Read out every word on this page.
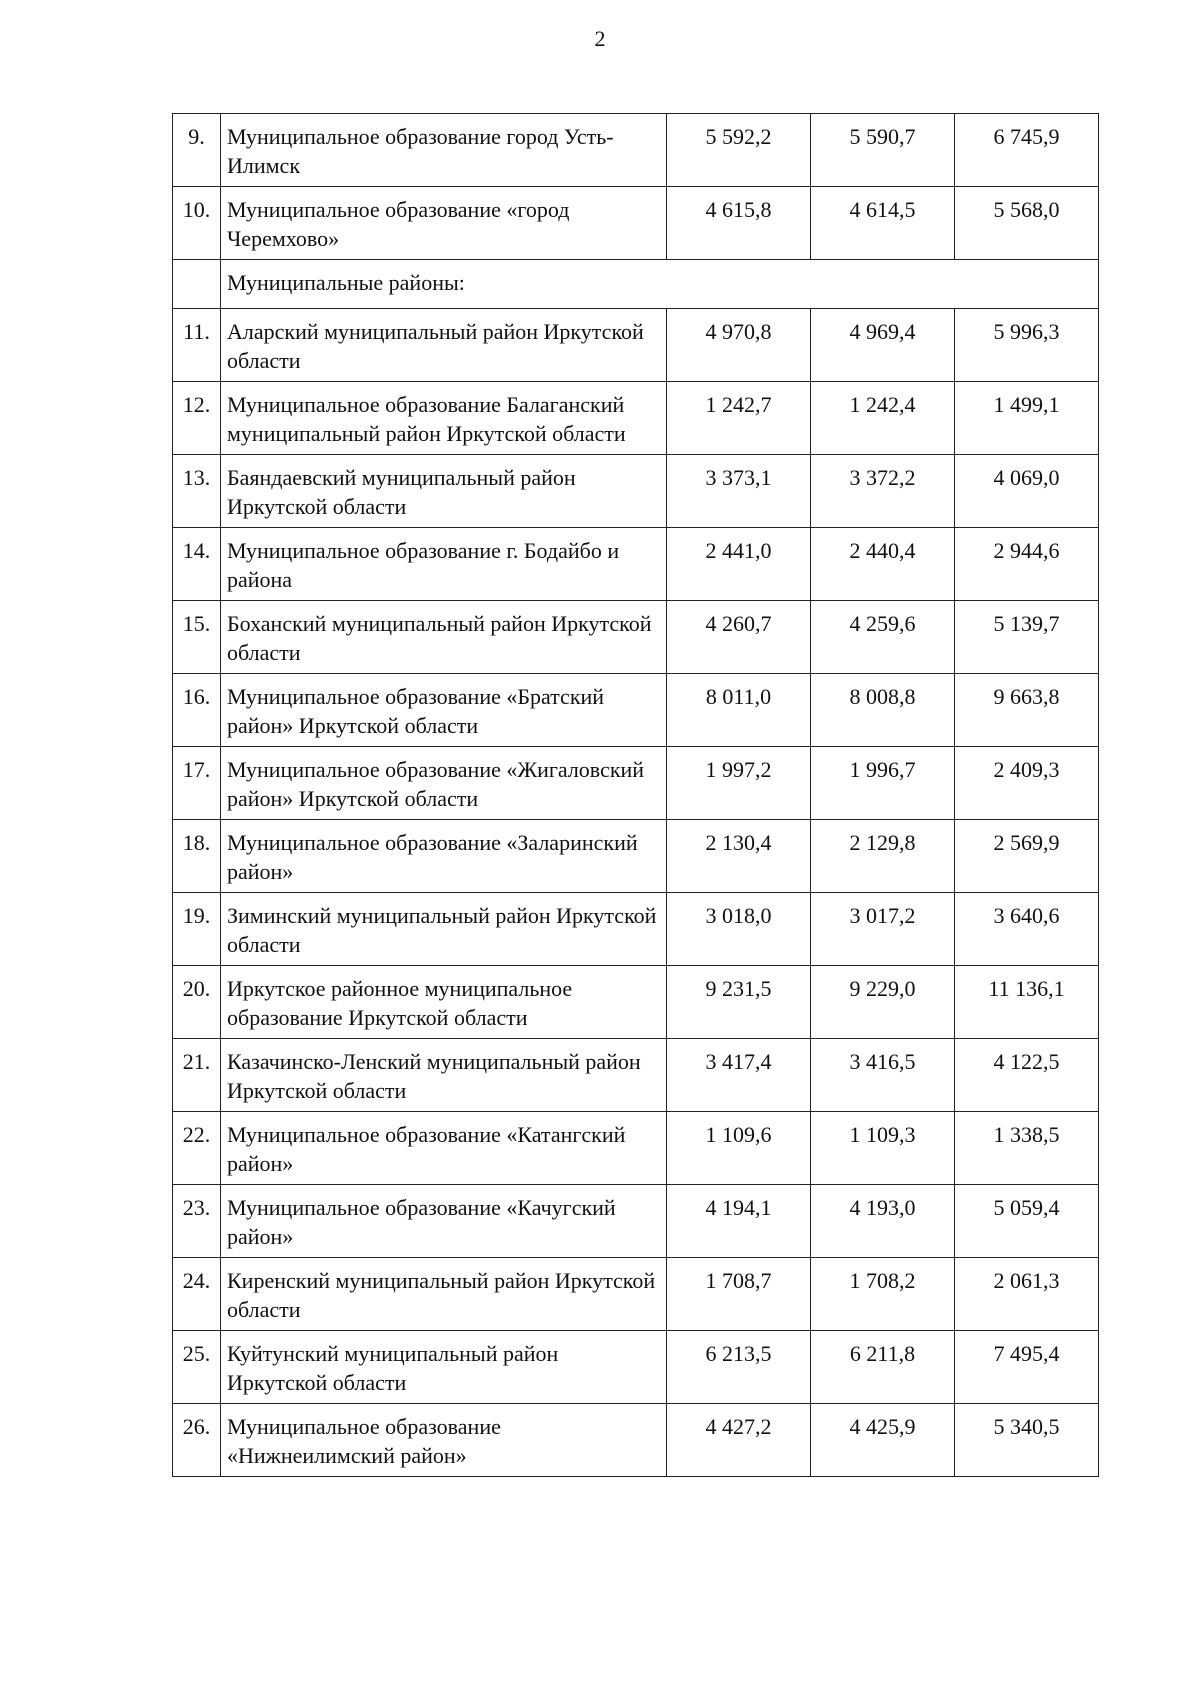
2
9.	Муниципальное образование город Усть-Илимск	5 592,2	5 590,7	6 745,9
10.	Муниципальное образование «город Черемхово»	4 615,8	4 614,5	5 568,0
	Муниципальные районы:			
11.	Аларский муниципальный район Иркутской области	4 970,8	4 969,4	5 996,3
12.	Муниципальное образование Балаганский муниципальный район Иркутской области	1 242,7	1 242,4	1 499,1
13.	Баяндаевский муниципальный район Иркутской области	3 373,1	3 372,2	4 069,0
14.	Муниципальное образование г. Бодайбо и района	2 441,0	2 440,4	2 944,6
15.	Боханский муниципальный район Иркутской области	4 260,7	4 259,6	5 139,7
16.	Муниципальное образование «Братский район» Иркутской области	8 011,0	8 008,8	9 663,8
17.	Муниципальное образование «Жигаловский район» Иркутской области	1 997,2	1 996,7	2 409,3
18.	Муниципальное образование «Заларинский район»	2 130,4	2 129,8	2 569,9
19.	Зиминский муниципальный район Иркутской области	3 018,0	3 017,2	3 640,6
20.	Иркутское районное муниципальное образование Иркутской области	9 231,5	9 229,0	11 136,1
21.	Казачинско-Ленский муниципальный район Иркутской области	3 417,4	3 416,5	4 122,5
22.	Муниципальное образование «Катангский район»	1 109,6	1 109,3	1 338,5
23.	Муниципальное образование «Качугский район»	4 194,1	4 193,0	5 059,4
24.	Киренский муниципальный район Иркутской области	1 708,7	1 708,2	2 061,3
25.	Куйтунский муниципальный район Иркутской области	6 213,5	6 211,8	7 495,4
26.	Муниципальное образование «Нижнеилимский район»	4 427,2	4 425,9	5 340,5
